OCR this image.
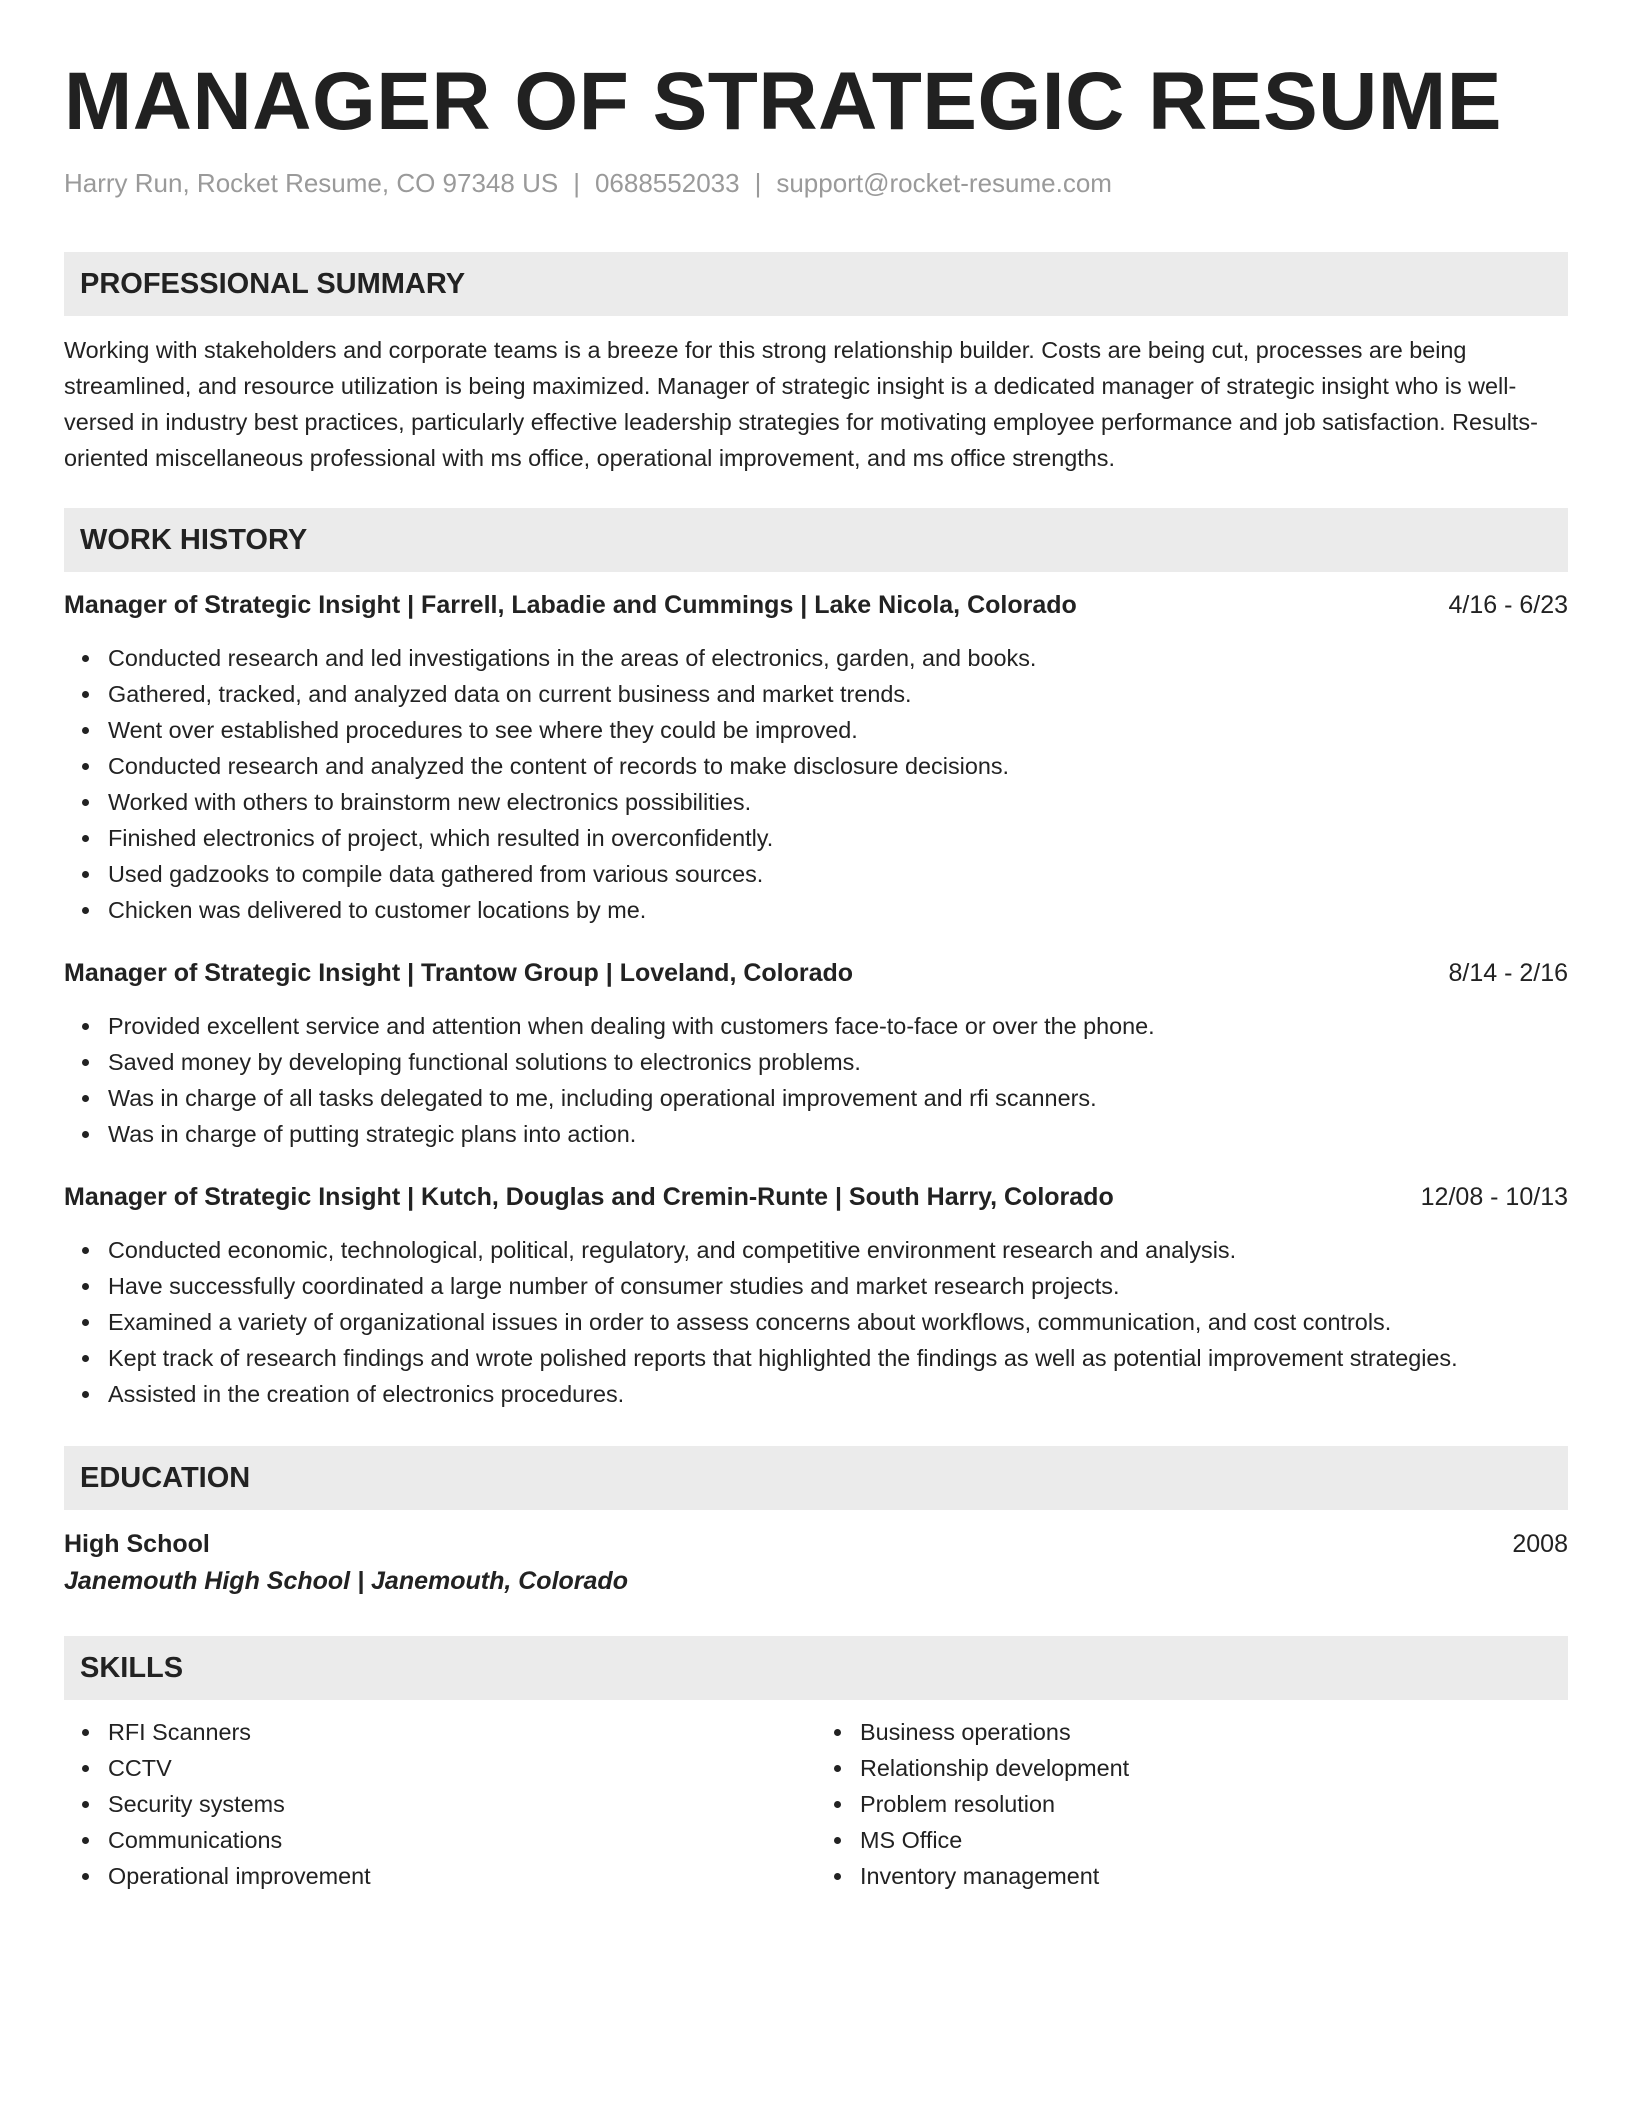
MANAGER OF STRATEGIC RESUME
Harry Run, Rocket Resume, CO 97348 US | 0688552033 | support@rocket-resume.com
PROFESSIONAL SUMMARY
Working with stakeholders and corporate teams is a breeze for this strong relationship builder. Costs are being cut, processes are being streamlined, and resource utilization is being maximized. Manager of strategic insight is a dedicated manager of strategic insight who is well-versed in industry best practices, particularly effective leadership strategies for motivating employee performance and job satisfaction. Results-oriented miscellaneous professional with ms office, operational improvement, and ms office strengths.
WORK HISTORY
Manager of Strategic Insight | Farrell, Labadie and Cummings | Lake Nicola, Colorado	4/16 - 6/23
Conducted research and led investigations in the areas of electronics, garden, and books.
Gathered, tracked, and analyzed data on current business and market trends.
Went over established procedures to see where they could be improved.
Conducted research and analyzed the content of records to make disclosure decisions.
Worked with others to brainstorm new electronics possibilities.
Finished electronics of project, which resulted in overconfidently.
Used gadzooks to compile data gathered from various sources.
Chicken was delivered to customer locations by me.
Manager of Strategic Insight | Trantow Group | Loveland, Colorado	8/14 - 2/16
Provided excellent service and attention when dealing with customers face-to-face or over the phone.
Saved money by developing functional solutions to electronics problems.
Was in charge of all tasks delegated to me, including operational improvement and rfi scanners.
Was in charge of putting strategic plans into action.
Manager of Strategic Insight | Kutch, Douglas and Cremin-Runte | South Harry, Colorado	12/08 - 10/13
Conducted economic, technological, political, regulatory, and competitive environment research and analysis.
Have successfully coordinated a large number of consumer studies and market research projects.
Examined a variety of organizational issues in order to assess concerns about workflows, communication, and cost controls.
Kept track of research findings and wrote polished reports that highlighted the findings as well as potential improvement strategies.
Assisted in the creation of electronics procedures.
EDUCATION
High School	2008
Janemouth High School | Janemouth, Colorado
SKILLS
RFI Scanners
CCTV
Security systems
Communications
Operational improvement
Business operations
Relationship development
Problem resolution
MS Office
Inventory management
